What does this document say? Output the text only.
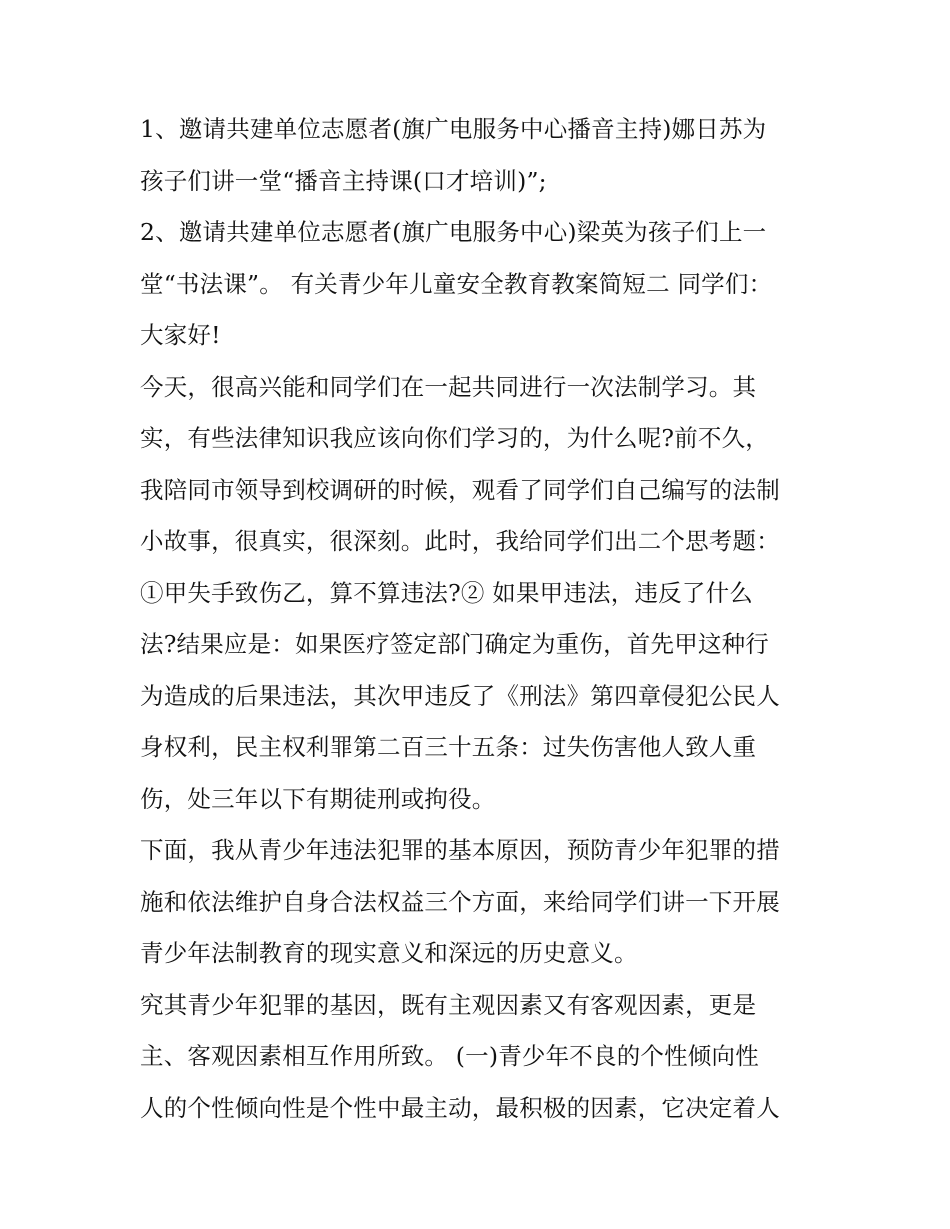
1、邀请共建单位志愿者(旗广电服务中心播音主持)娜日苏为
孩子们讲一堂“播音主持课(口才培训)”;
2、邀请共建单位志愿者(旗广电服务中心)梁英为孩子们上一
堂“书法课”。 有关青少年儿童安全教育教案简短二 同学们：
大家好!
今天，很高兴能和同学们在一起共同进行一次法制学习。其
实，有些法律知识我应该向你们学习的，为什么呢?前不久，
我陪同市领导到校调研的时候，观看了同学们自己编写的法制
小故事，很真实，很深刻。此时，我给同学们出二个思考题：
①甲失手致伤乙，算不算违法?② 如果甲违法，违反了什么
法?结果应是：如果医疗签定部门确定为重伤，首先甲这种行
为造成的后果违法，其次甲违反了《刑法》第四章侵犯公民人
身权利，民主权利罪第二百三十五条：过失伤害他人致人重
伤，处三年以下有期徒刑或拘役。
下面，我从青少年违法犯罪的基本原因，预防青少年犯罪的措
施和依法维护自身合法权益三个方面，来给同学们讲一下开展
青少年法制教育的现实意义和深远的历史意义。
究其青少年犯罪的基因，既有主观因素又有客观因素，更是
主、客观因素相互作用所致。 (一)青少年不良的个性倾向性
人的个性倾向性是个性中最主动，最积极的因素，它决定着人
